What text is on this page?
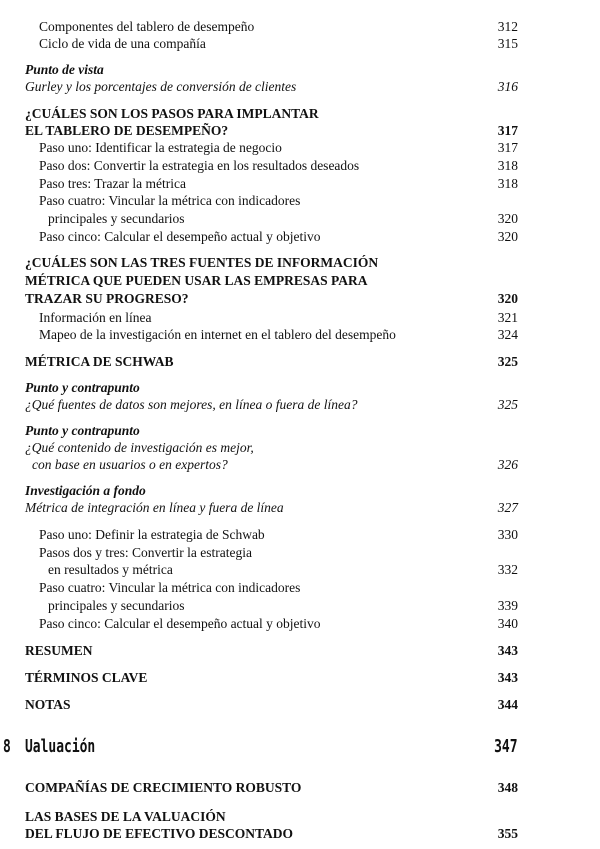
Componentes del tablero de desempeño	312
Ciclo de vida de una compañía	315
Punto de vista
Gurley y los porcentajes de conversión de clientes	316
¿CUÁLES SON LOS PASOS PARA IMPLANTAR
EL TABLERO DE DESEMPEÑO?	317
Paso uno: Identificar la estrategia de negocio	317
Paso dos: Convertir la estrategia en los resultados deseados	318
Paso tres: Trazar la métrica	318
Paso cuatro: Vincular la métrica con indicadores
principales y secundarios	320
Paso cinco: Calcular el desempeño actual y objetivo	320
¿CUÁLES SON LAS TRES FUENTES DE INFORMACIÓN
MÉTRICA QUE PUEDEN USAR LAS EMPRESAS PARA
TRAZAR SU PROGRESO?	320
Información en línea	321
Mapeo de la investigación en internet en el tablero del desempeño	324
MÉTRICA DE SCHWAB	325
Punto y contrapunto
¿Qué fuentes de datos son mejores, en línea o fuera de línea?	325
Punto y contrapunto
¿Qué contenido de investigación es mejor,
con base en usuarios o en expertos?	326
Investigación a fondo
Métrica de integración en línea y fuera de línea	327
Paso uno: Definir la estrategia de Schwab	330
Pasos dos y tres: Convertir la estrategia
en resultados y métrica	332
Paso cuatro: Vincular la métrica con indicadores
principales y secundarios	339
Paso cinco: Calcular el desempeño actual y objetivo	340
RESUMEN	343
TÉRMINOS CLAVE	343
NOTAS	344
8 Ualuación	347
COMPAÑÍAS DE CRECIMIENTO ROBUSTO	348
LAS BASES DE LA VALUACIÓN
DEL FLUJO DE EFECTIVO DESCONTADO	355
